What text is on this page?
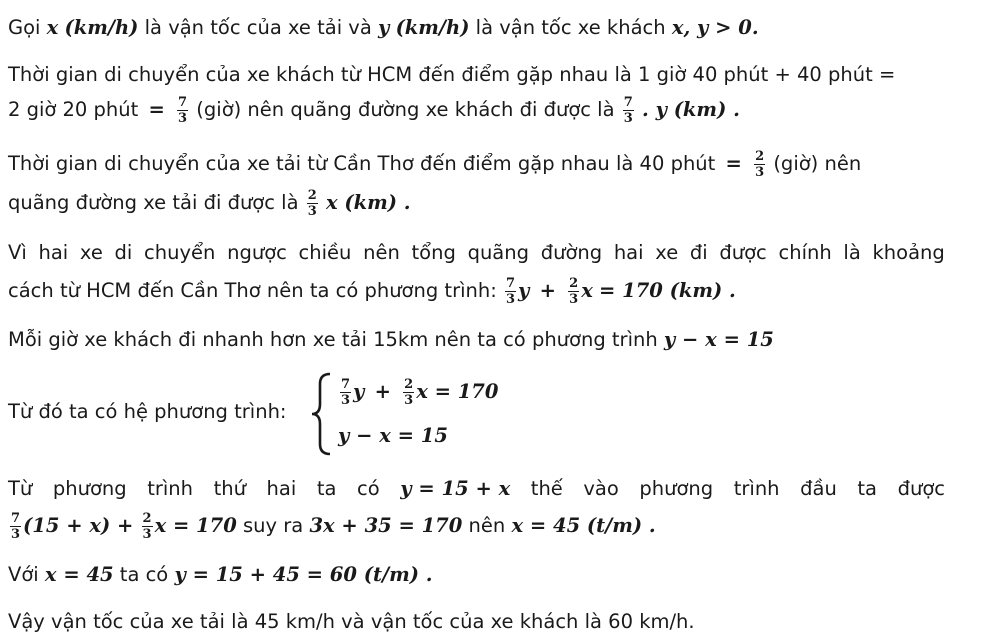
Gọi x (km/h) là vận tốc của xe tải và y (km/h) là vận tốc xe khách x, y > 0.
Thời gian di chuyển của xe khách từ HCM đến điểm gặp nhau là 1 giờ 40 phút + 40 phút =
2 giờ 20 phút = $\frac{7}{3}$ (giờ) nên quãng đường xe khách đi được là $\frac{7}{3}$ . y (km) .
Thời gian di chuyển của xe tải từ Cần Thơ đến điểm gặp nhau là 40 phút = $\frac{2}{3}$ (giờ) nên
quãng đường xe tải đi được là $\frac{2}{3}$ x (km) .
Vì hai xe di chuyển ngược chiều nên tổng quãng đường hai xe đi được chính là khoảng
cách từ HCM đến Cần Thơ nên ta có phương trình: $\frac{7}{3}$ $y + \frac{2}{3}$ x = 170 (km) .
Mỗi giờ xe khách đi nhanh hơn xe tải 15km nên ta có phương trình y − x = 15
Từ đó ta có hệ phương trình:
$\frac{7}{3}$ $y + \frac{2}{3}$ x = 170
y − x = 15
Từ phương trình thứ hai ta có y = 15 + x thế vào phương trình đầu ta được
$\frac{7}{3} (15 + x) + \frac{2}{3}$ x = 170 suy ra 3x + 35 = 170 nên x = 45 (t/m) .
Với x = 45 ta có y = 15 + 45 = 60 (t/m) .
Vậy vận tốc của xe tải là 45 km/h và vận tốc của xe khách là 60 km/h.
